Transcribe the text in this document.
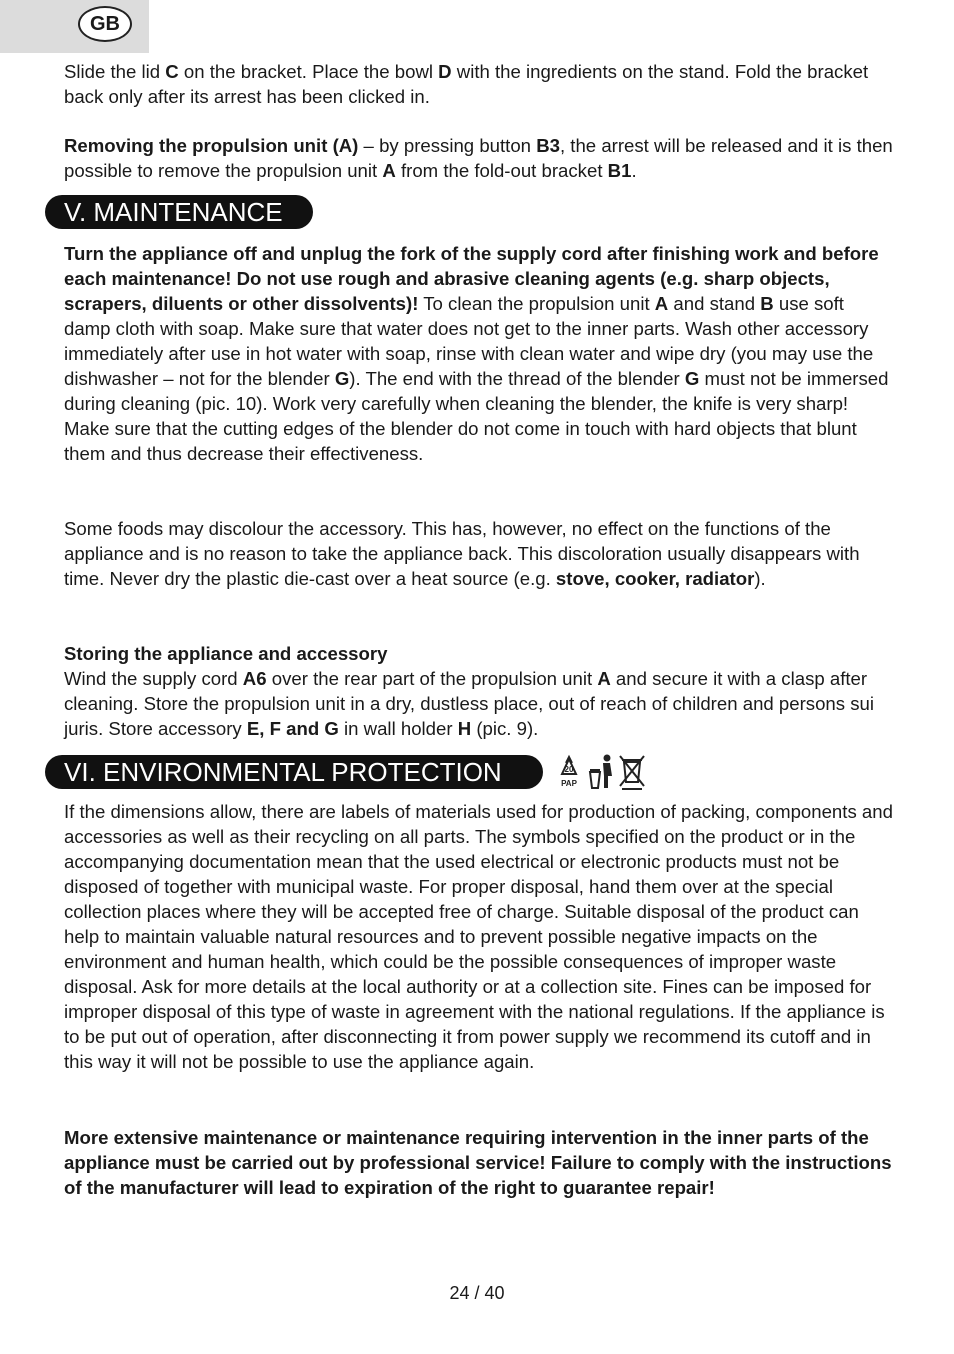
GB

Slide the lid C on the bracket. Place the bowl D with the ingredients on the stand. Fold the bracket back only after its arrest has been clicked in.

Removing the propulsion unit (A) – by pressing button B3, the arrest will be released and it is then possible to remove the propulsion unit A from the fold-out bracket B1.

V. MAINTENANCE

Turn the appliance off and unplug the fork of the supply cord after finishing work and before each maintenance! Do not use rough and abrasive cleaning agents (e.g. sharp objects, scrapers, diluents or other dissolvents)! To clean the propulsion unit A and stand B use soft damp cloth with soap. Make sure that water does not get to the inner parts. Wash other accessory immediately after use in hot water with soap, rinse with clean water and wipe dry (you may use the dishwasher – not for the blender G). The end with the thread of the blender G must not be immersed during cleaning (pic. 10). Work very carefully when cleaning the blender, the knife is very sharp! Make sure that the cutting edges of the blender do not come in touch with hard objects that blunt them and thus decrease their effectiveness.

Some foods may discolour the accessory. This has, however, no effect on the functions of the appliance and is no reason to take the appliance back. This discoloration usually disappears with time. Never dry the plastic die-cast over a heat source (e.g. stove, cooker, radiator).

Storing the appliance and accessory

Wind the supply cord A6 over the rear part of the propulsion unit A and secure it with a clasp after cleaning. Store the propulsion unit in a dry, dustless place, out of reach of children and persons sui juris. Store accessory E, F and G in wall holder H (pic. 9).

VI. ENVIRONMENTAL PROTECTION	20
PAP

If the dimensions allow, there are labels of materials used for production of packing, components and accessories as well as their recycling on all parts. The symbols specified on the product or in the accompanying documentation mean that the used electrical or electronic products must not be disposed of together with municipal waste. For proper disposal, hand them over at the special collection places where they will be accepted free of charge. Suitable disposal of the product can help to maintain valuable natural resources and to prevent possible negative impacts on the environment and human health, which could be the possible consequences of improper waste disposal. Ask for more details at the local authority or at a collection site. Fines can be imposed for improper disposal of this type of waste in agreement with the national regulations. If the appliance is to be put out of operation, after disconnecting it from power supply we recommend its cutoff and in this way it will not be possible to use the appliance again.

More extensive maintenance or maintenance requiring intervention in the inner parts of the appliance must be carried out by professional service! Failure to comply with the instructions of the manufacturer will lead to expiration of the right to guarantee repair!

24 / 40
